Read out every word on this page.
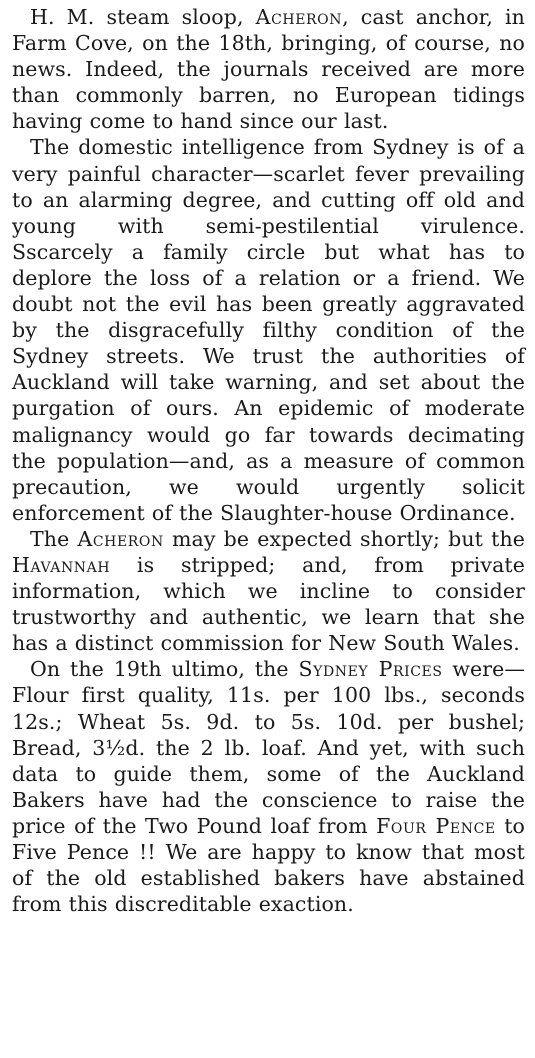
H. M. steam sloop, Acheron, cast anchor, in Farm Cove, on the 18th, bringing, of course, no news. Indeed, the journals received are more than commonly barren, no European tidings having come to hand since our last.

The domestic intelligence from Sydney is of a very painful character—scarlet fever prevailing to an alarming degree, and cutting off old and young with semi-pestilential virulence. Sscarcely a family circle but what has to deplore the loss of a relation or a friend. We doubt not the evil has been greatly aggravated by the disgracefully filthy condition of the Sydney streets. We trust the authorities of Auckland will take warning, and set about the purgation of ours. An epidemic of moderate malignancy would go far towards decimating the population—and, as a measure of common precaution, we would urgently solicit enforcement of the Slaughter-house Ordinance.

The Acheron may be expected shortly; but the Havannah is stripped; and, from private information, which we incline to consider trustworthy and authentic, we learn that she has a distinct commission for New South Wales.

On the 19th ultimo, the Sydney Prices were—Flour first quality, 11s. per 100 lbs., seconds 12s.; Wheat 5s. 9d. to 5s. 10d. per bushel; Bread, 3½d. the 2 lb. loaf. And yet, with such data to guide them, some of the Auckland Bakers have had the conscience to raise the price of the Two Pound loaf from Four Pence to Five Pence !! We are happy to know that most of the old established bakers have abstained from this discreditable exaction.
